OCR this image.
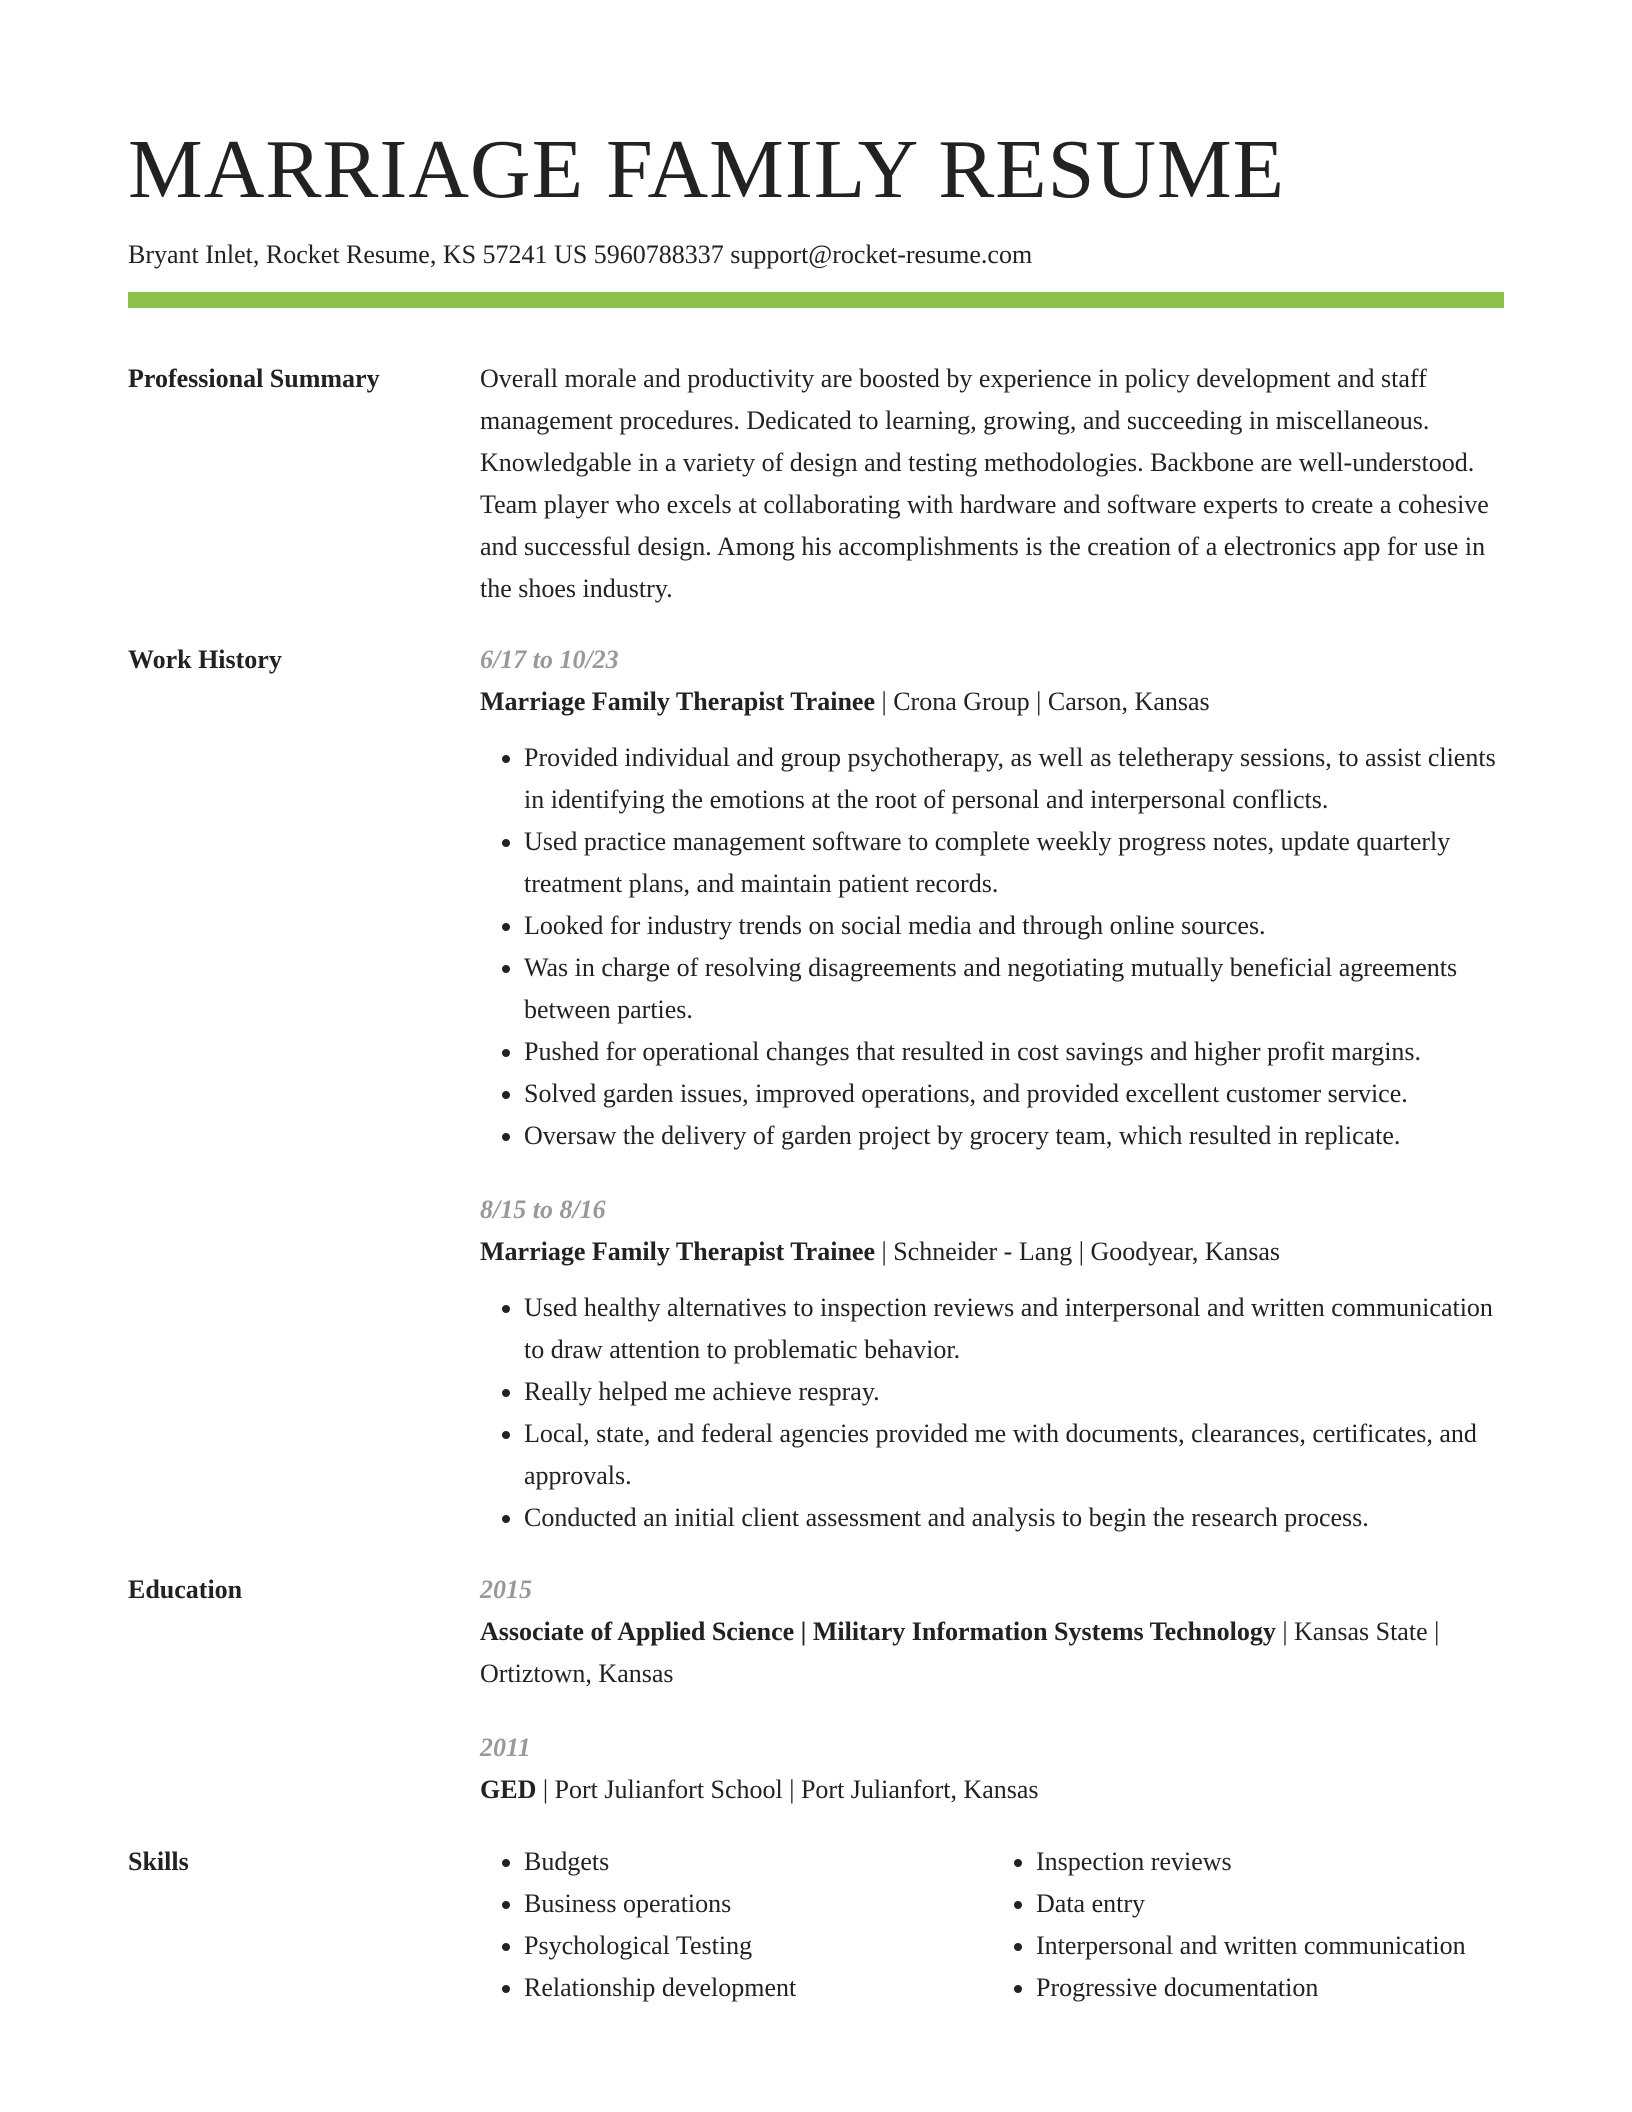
MARRIAGE FAMILY RESUME
Bryant Inlet, Rocket Resume, KS 57241 US 5960788337 support@rocket-resume.com
Professional Summary	Overall morale and productivity are boosted by experience in policy development and staff management procedures. Dedicated to learning, growing, and succeeding in miscellaneous. Knowledgable in a variety of design and testing methodologies. Backbone are well-understood. Team player who excels at collaborating with hardware and software experts to create a cohesive and successful design. Among his accomplishments is the creation of a electronics app for use in the shoes industry.

Work History	6/17 to 10/23
Marriage Family Therapist Trainee | Crona Group | Carson, Kansas
• Provided individual and group psychotherapy, as well as teletherapy sessions, to assist clients in identifying the emotions at the root of personal and interpersonal conflicts.
• Used practice management software to complete weekly progress notes, update quarterly treatment plans, and maintain patient records.
• Looked for industry trends on social media and through online sources.
• Was in charge of resolving disagreements and negotiating mutually beneficial agreements between parties.
• Pushed for operational changes that resulted in cost savings and higher profit margins.
• Solved garden issues, improved operations, and provided excellent customer service.
• Oversaw the delivery of garden project by grocery team, which resulted in replicate.
8/15 to 8/16
Marriage Family Therapist Trainee | Schneider - Lang | Goodyear, Kansas
• Used healthy alternatives to inspection reviews and interpersonal and written communication to draw attention to problematic behavior.
• Really helped me achieve respray.
• Local, state, and federal agencies provided me with documents, clearances, certificates, and approvals.
• Conducted an initial client assessment and analysis to begin the research process.
Education	2015
Associate of Applied Science | Military Information Systems Technology | Kansas State | Ortiztown, Kansas
2011
GED | Port Julianfort School | Port Julianfort, Kansas
Skills
•	Budgets
• Business operations
• Psychological Testing
• Relationship development
• Inspection reviews
• Data entry
• Interpersonal and written communication
• Progressive documentation
